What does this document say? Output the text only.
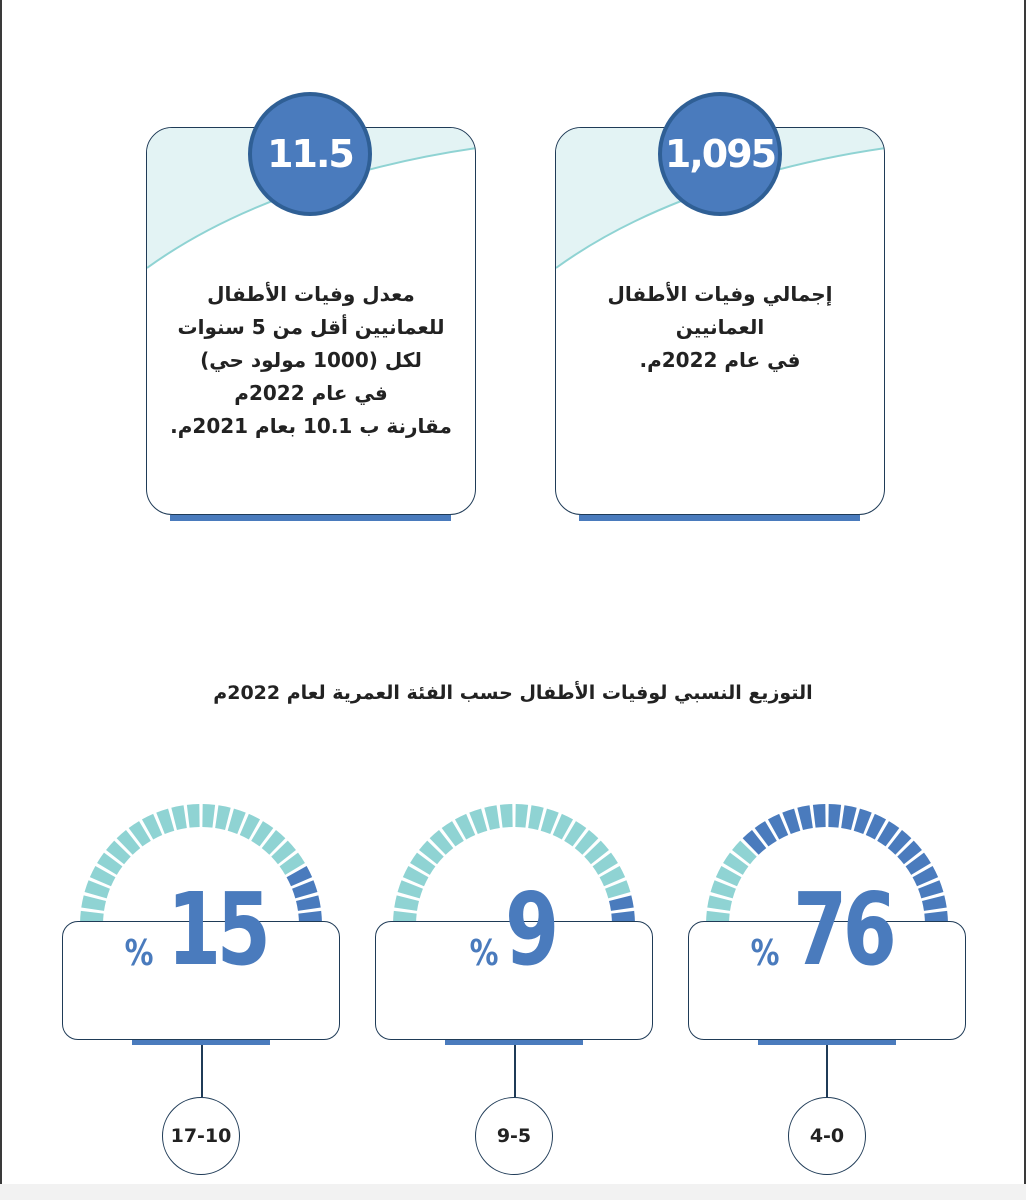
إجمالي وفيات الأطفال
العمانيين
في عام 2022م.
1,095
معدل وفيات الأطفال
للعمانيين أقل من 5 سنوات
لكل (1000 مولود حي)
في عام 2022م
مقارنة ب 10.1 بعام 2021م.
11.5
التوزيع النسبي لوفيات الأطفال حسب الفئة العمرية لعام 2022م
% 76
4-0
% 9
9-5
% 15
17-10
